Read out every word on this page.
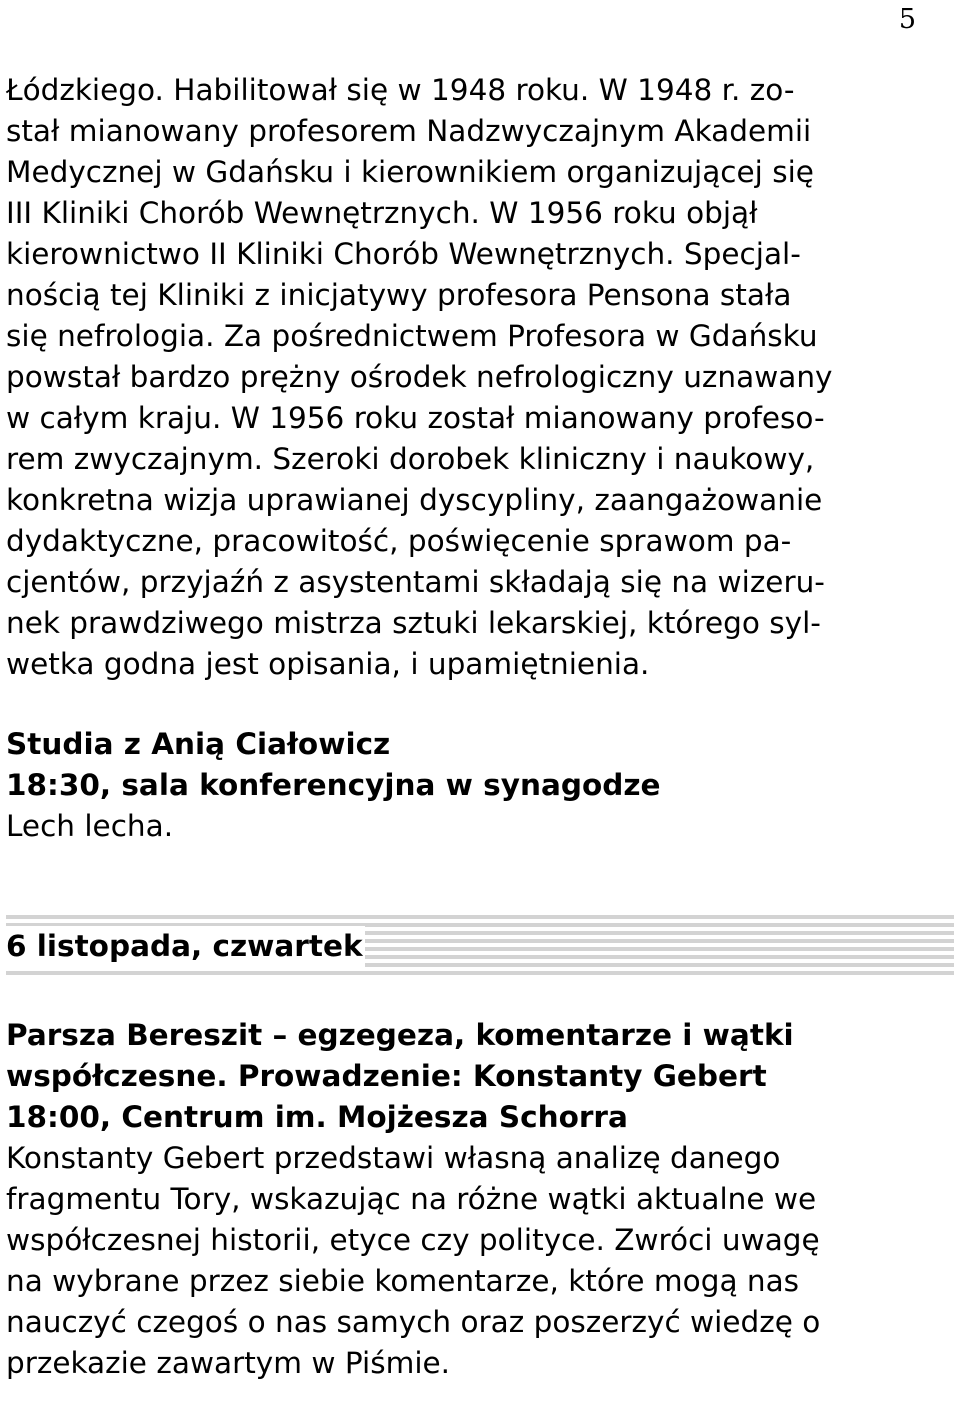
5
Łódzkiego. Habilitował się w 1948 roku. W 1948 r. zo-
stał mianowany profesorem Nadzwyczajnym Akademii
Medycznej w Gdańsku i kierownikiem organizującej się
III Kliniki Chorób Wewnętrznych. W 1956 roku objął
kierownictwo II Kliniki Chorób Wewnętrznych. Specjal-
nością tej Kliniki z inicjatywy profesora Pensona stała
się nefrologia. Za pośrednictwem Profesora w Gdańsku
powstał bardzo prężny ośrodek nefrologiczny uznawany
w całym kraju. W 1956 roku został mianowany profeso-
rem zwyczajnym. Szeroki dorobek kliniczny i naukowy,
konkretna wizja uprawianej dyscypliny, zaangażowanie
dydaktyczne, pracowitość, poświęcenie sprawom pa-
cjentów, przyjaźń z asystentami składają się na wizeru-
nek prawdziwego mistrza sztuki lekarskiej, którego syl-
wetka godna jest opisania, i upamiętnienia.
Studia z Anią Ciałowicz
18:30, sala konferencyjna w synagodze
Lech lecha.
6 listopada, czwartek
Parsza Bereszit – egzegeza, komentarze i wątki
współczesne. Prowadzenie: Konstanty Gebert
18:00, Centrum im. Mojżesza Schorra
Konstanty Gebert przedstawi własną analizę danego
fragmentu Tory, wskazując na różne wątki aktualne we
współczesnej historii, etyce czy polityce. Zwróci uwagę
na wybrane przez siebie komentarze, które mogą nas
nauczyć czegoś o nas samych oraz poszerzyć wiedzę o
przekazie zawartym w Piśmie.
